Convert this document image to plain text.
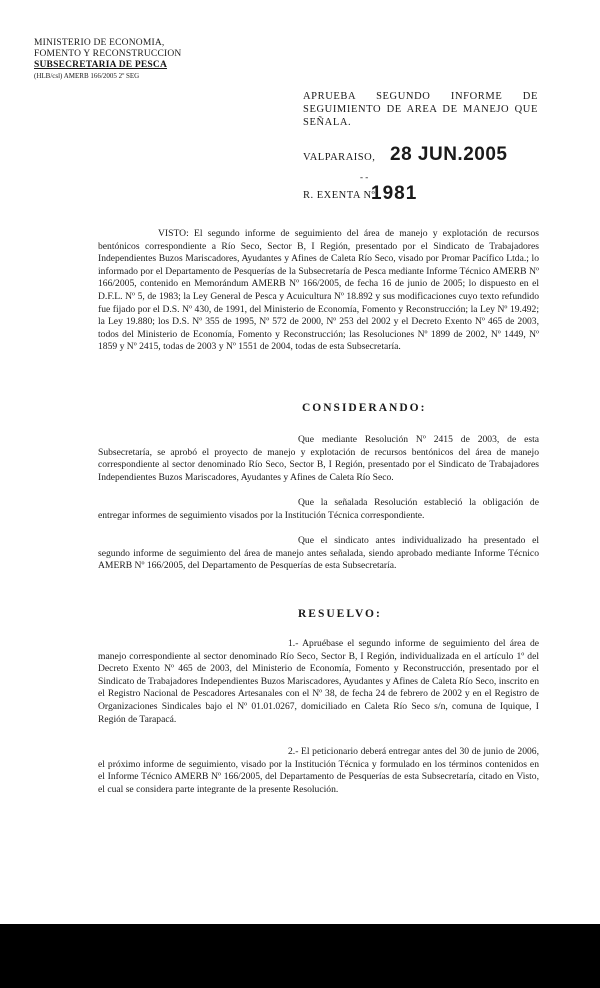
MINISTERIO DE ECONOMIA,
FOMENTO Y RECONSTRUCCION
SUBSECRETARIA DE PESCA
(HLB/csl) AMERB 166/2005 2º SEG
APRUEBA SEGUNDO INFORME DE SEGUIMIENTO DE AREA DE MANEJO QUE SEÑALA.
VALPARAISO, 28 JUN.2005
- -
R. EXENTA Nº
1981
VISTO: El segundo informe de seguimiento del área de manejo y explotación de recursos bentónicos correspondiente a Río Seco, Sector B, I Región, presentado por el Sindicato de Trabajadores Independientes Buzos Mariscadores, Ayudantes y Afines de Caleta Río Seco, visado por Promar Pacífico Ltda.; lo informado por el Departamento de Pesquerías de la Subsecretaría de Pesca mediante Informe Técnico AMERB Nº 166/2005, contenido en Memorándum AMERB Nº 166/2005, de fecha 16 de junio de 2005; lo dispuesto en el D.F.L. Nº 5, de 1983; la Ley General de Pesca y Acuicultura Nº 18.892 y sus modificaciones cuyo texto refundido fue fijado por el D.S. Nº 430, de 1991, del Ministerio de Economía, Fomento y Reconstrucción; la Ley Nº 19.492; la Ley 19.880; los D.S. Nº 355 de 1995, Nº 572 de 2000, Nº 253 del 2002 y el Decreto Exento Nº 465 de 2003, todos del Ministerio de Economía, Fomento y Reconstrucción; las Resoluciones Nº 1899 de 2002, Nº 1449, Nº 1859 y Nº 2415, todas de 2003 y Nº 1551 de 2004, todas de esta Subsecretaría.
CONSIDERANDO:
Que mediante Resolución Nº 2415 de 2003, de esta Subsecretaría, se aprobó el proyecto de manejo y explotación de recursos bentónicos del área de manejo correspondiente al sector denominado Río Seco, Sector B, I Región, presentado por el Sindicato de Trabajadores Independientes Buzos Mariscadores, Ayudantes y Afines de Caleta Río Seco.
Que la señalada Resolución estableció la obligación de entregar informes de seguimiento visados por la Institución Técnica correspondiente.
Que el sindicato antes individualizado ha presentado el segundo informe de seguimiento del área de manejo antes señalada, siendo aprobado mediante Informe Técnico AMERB Nº 166/2005, del Departamento de Pesquerías de esta Subsecretaría.
RESUELVO:
1.- Apruébase el segundo informe de seguimiento del área de manejo correspondiente al sector denominado Río Seco, Sector B, I Región, individualizada en el artículo 1º del Decreto Exento Nº 465 de 2003, del Ministerio de Economía, Fomento y Reconstrucción, presentado por el Sindicato de Trabajadores Independientes Buzos Mariscadores, Ayudantes y Afines de Caleta Río Seco, inscrito en el Registro Nacional de Pescadores Artesanales con el Nº 38, de fecha 24 de febrero de 2002 y en el Registro de Organizaciones Sindicales bajo el Nº 01.01.0267, domiciliado en Caleta Río Seco s/n, comuna de Iquique, I Región de Tarapacá.
2.- El peticionario deberá entregar antes del 30 de junio de 2006, el próximo informe de seguimiento, visado por la Institución Técnica y formulado en los términos contenidos en el Informe Técnico AMERB Nº 166/2005, del Departamento de Pesquerías de esta Subsecretaría, citado en Visto, el cual se considera parte integrante de la presente Resolución.
